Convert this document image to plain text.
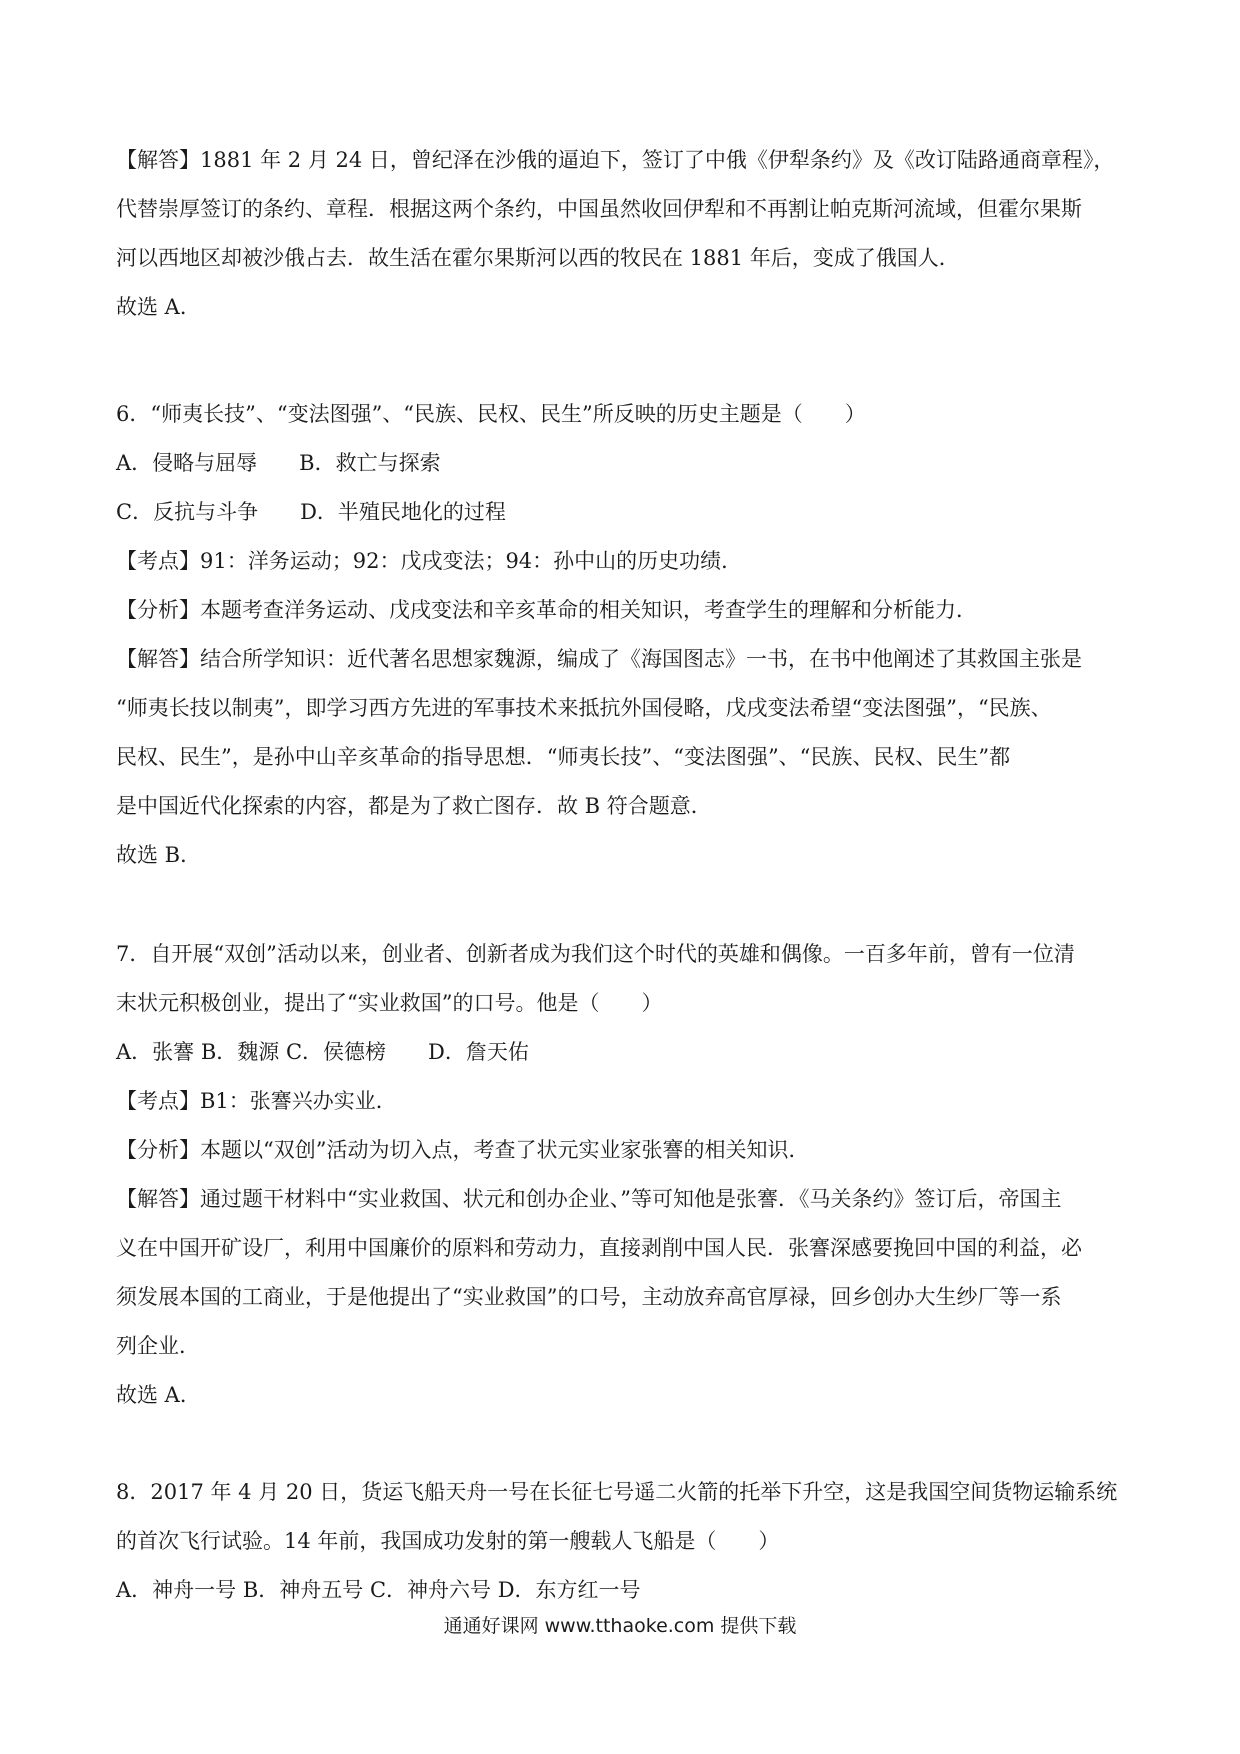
【解答】1881 年 2 月 24 日，曾纪泽在沙俄的逼迫下，签订了中俄《伊犁条约》及《改订陆路通商章程》，
代替崇厚签订的条约、章程．根据这两个条约，中国虽然收回伊犁和不再割让帕克斯河流域，但霍尔果斯
河以西地区却被沙俄占去．故生活在霍尔果斯河以西的牧民在 1881 年后，变成了俄国人．
故选 A．
6．“师夷长技”、“变法图强”、“民族、民权、民生”所反映的历史主题是（　　）
A．侵略与屈辱　　B．救亡与探索
C．反抗与斗争　　D．半殖民地化的过程
【考点】91：洋务运动；92：戊戌变法；94：孙中山的历史功绩．
【分析】本题考查洋务运动、戊戌变法和辛亥革命的相关知识，考查学生的理解和分析能力．
【解答】结合所学知识：近代著名思想家魏源，编成了《海国图志》一书，在书中他阐述了其救国主张是
“师夷长技以制夷”，即学习西方先进的军事技术来抵抗外国侵略，戊戌变法希望“变法图强”，“民族、
民权、民生”，是孙中山辛亥革命的指导思想．“师夷长技”、“变法图强”、“民族、民权、民生”都
是中国近代化探索的内容，都是为了救亡图存．故 B 符合题意．
故选 B．
7．自开展“双创”活动以来，创业者、创新者成为我们这个时代的英雄和偶像。一百多年前，曾有一位清
末状元积极创业，提出了“实业救国”的口号。他是（　　）
A．张謇 B．魏源 C．侯德榜　　D．詹天佑
【考点】B1：张謇兴办实业．
【分析】本题以“双创”活动为切入点，考查了状元实业家张謇的相关知识．
【解答】通过题干材料中“实业救国、状元和创办企业、”等可知他是张謇．《马关条约》签订后，帝国主
义在中国开矿设厂，利用中国廉价的原料和劳动力，直接剥削中国人民．张謇深感要挽回中国的利益，必
须发展本国的工商业，于是他提出了“实业救国”的口号，主动放弃高官厚禄，回乡创办大生纱厂等一系
列企业．
故选 A．
8．2017 年 4 月 20 日，货运飞船天舟一号在长征七号遥二火箭的托举下升空，这是我国空间货物运输系统
的首次飞行试验。14 年前，我国成功发射的第一艘载人飞船是（　　）
A．神舟一号 B．神舟五号 C．神舟六号 D．东方红一号
通通好课网 www.tthaoke.com 提供下载
